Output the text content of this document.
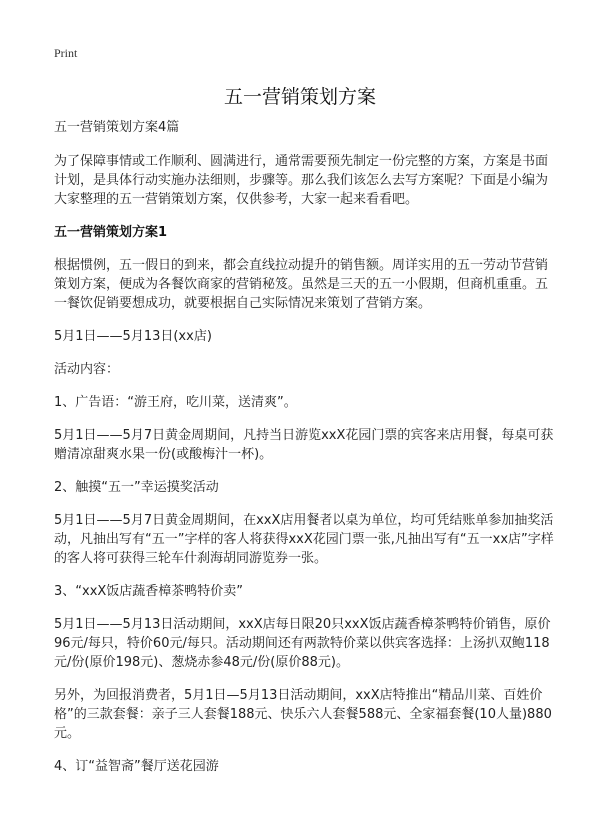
Print
五一营销策划方案

五一营销策划方案4篇

为了保障事情或工作顺利、圆满进行，通常需要预先制定一份完整的方案，方案是书面计划，是具体行动实施办法细则，步骤等。那么我们该怎么去写方案呢？下面是小编为大家整理的五一营销策划方案，仅供参考，大家一起来看看吧。

五一营销策划方案1

根据惯例，五一假日的到来，都会直线拉动提升的销售额。周详实用的五一劳动节营销策划方案，便成为各餐饮商家的营销秘笈。虽然是三天的五一小假期，但商机重重。五一餐饮促销要想成功，就要根据自己实际情况来策划了营销方案。

5月1日——5月13日(xx店)

活动内容：

1、广告语：“游王府，吃川菜，送清爽”。

5月1日——5月7日黄金周期间，凡持当日游览xxX花园门票的宾客来店用餐，每桌可获赠清凉甜爽水果一份(或酸梅汁一杯)。

2、触摸“五一”幸运摸奖活动

5月1日——5月7日黄金周期间，在xxX店用餐者以桌为单位，均可凭结账单参加抽奖活动，凡抽出写有“五一”字样的客人将获得xxX花园门票一张,凡抽出写有“五一xx店”字样的客人将可获得三轮车什刹海胡同游览券一张。

3、“xxX饭店蔬香樟茶鸭特价卖”

5月1日——5月13日活动期间，xxX店每日限20只xxX饭店蔬香樟茶鸭特价销售，原价96元/每只，特价60元/每只。活动期间还有两款特价菜以供宾客选择：上汤扒双鲍118元/份(原价198元)、葱烧赤参48元/份(原价88元)。

另外，为回报消费者，5月1日—5月13日活动期间，xxX店特推出“精品川菜、百姓价格”的三款套餐：亲子三人套餐188元、快乐六人套餐588元、全家福套餐(10人量)880元。

4、订“益智斋”餐厅送花园游
